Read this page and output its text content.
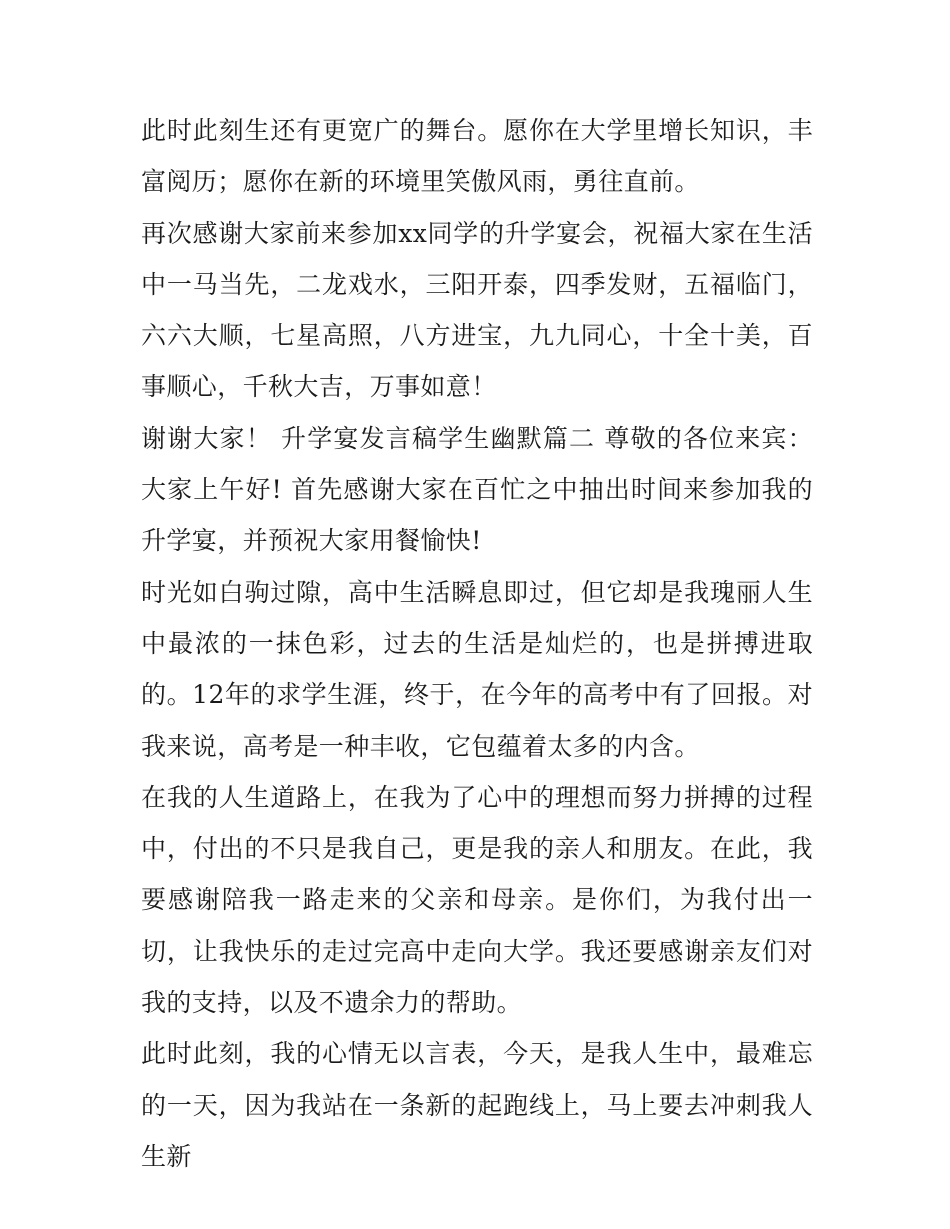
此时此刻生还有更宽广的舞台。愿你在大学里增长知识，丰富阅历；愿你在新的环境里笑傲风雨，勇往直前。

再次感谢大家前来参加xx同学的升学宴会，祝福大家在生活中一马当先，二龙戏水，三阳开泰，四季发财，五福临门，六六大顺，七星高照，八方进宝，九九同心，十全十美，百事顺心，千秋大吉，万事如意！

谢谢大家！ 升学宴发言稿学生幽默篇二 尊敬的各位来宾： 大家上午好! 首先感谢大家在百忙之中抽出时间来参加我的升学宴，并预祝大家用餐愉快!

时光如白驹过隙，高中生活瞬息即过，但它却是我瑰丽人生中最浓的一抹色彩，过去的生活是灿烂的，也是拼搏进取的。12年的求学生涯，终于，在今年的高考中有了回报。对我来说，高考是一种丰收，它包蕴着太多的内含。

在我的人生道路上，在我为了心中的理想而努力拼搏的过程中，付出的不只是我自己，更是我的亲人和朋友。在此，我要感谢陪我一路走来的父亲和母亲。是你们，为我付出一切，让我快乐的走过完高中走向大学。我还要感谢亲友们对我的支持，以及不遗余力的帮助。

此时此刻，我的心情无以言表，今天，是我人生中，最难忘的一天，因为我站在一条新的起跑线上，马上要去冲刺我人生新
